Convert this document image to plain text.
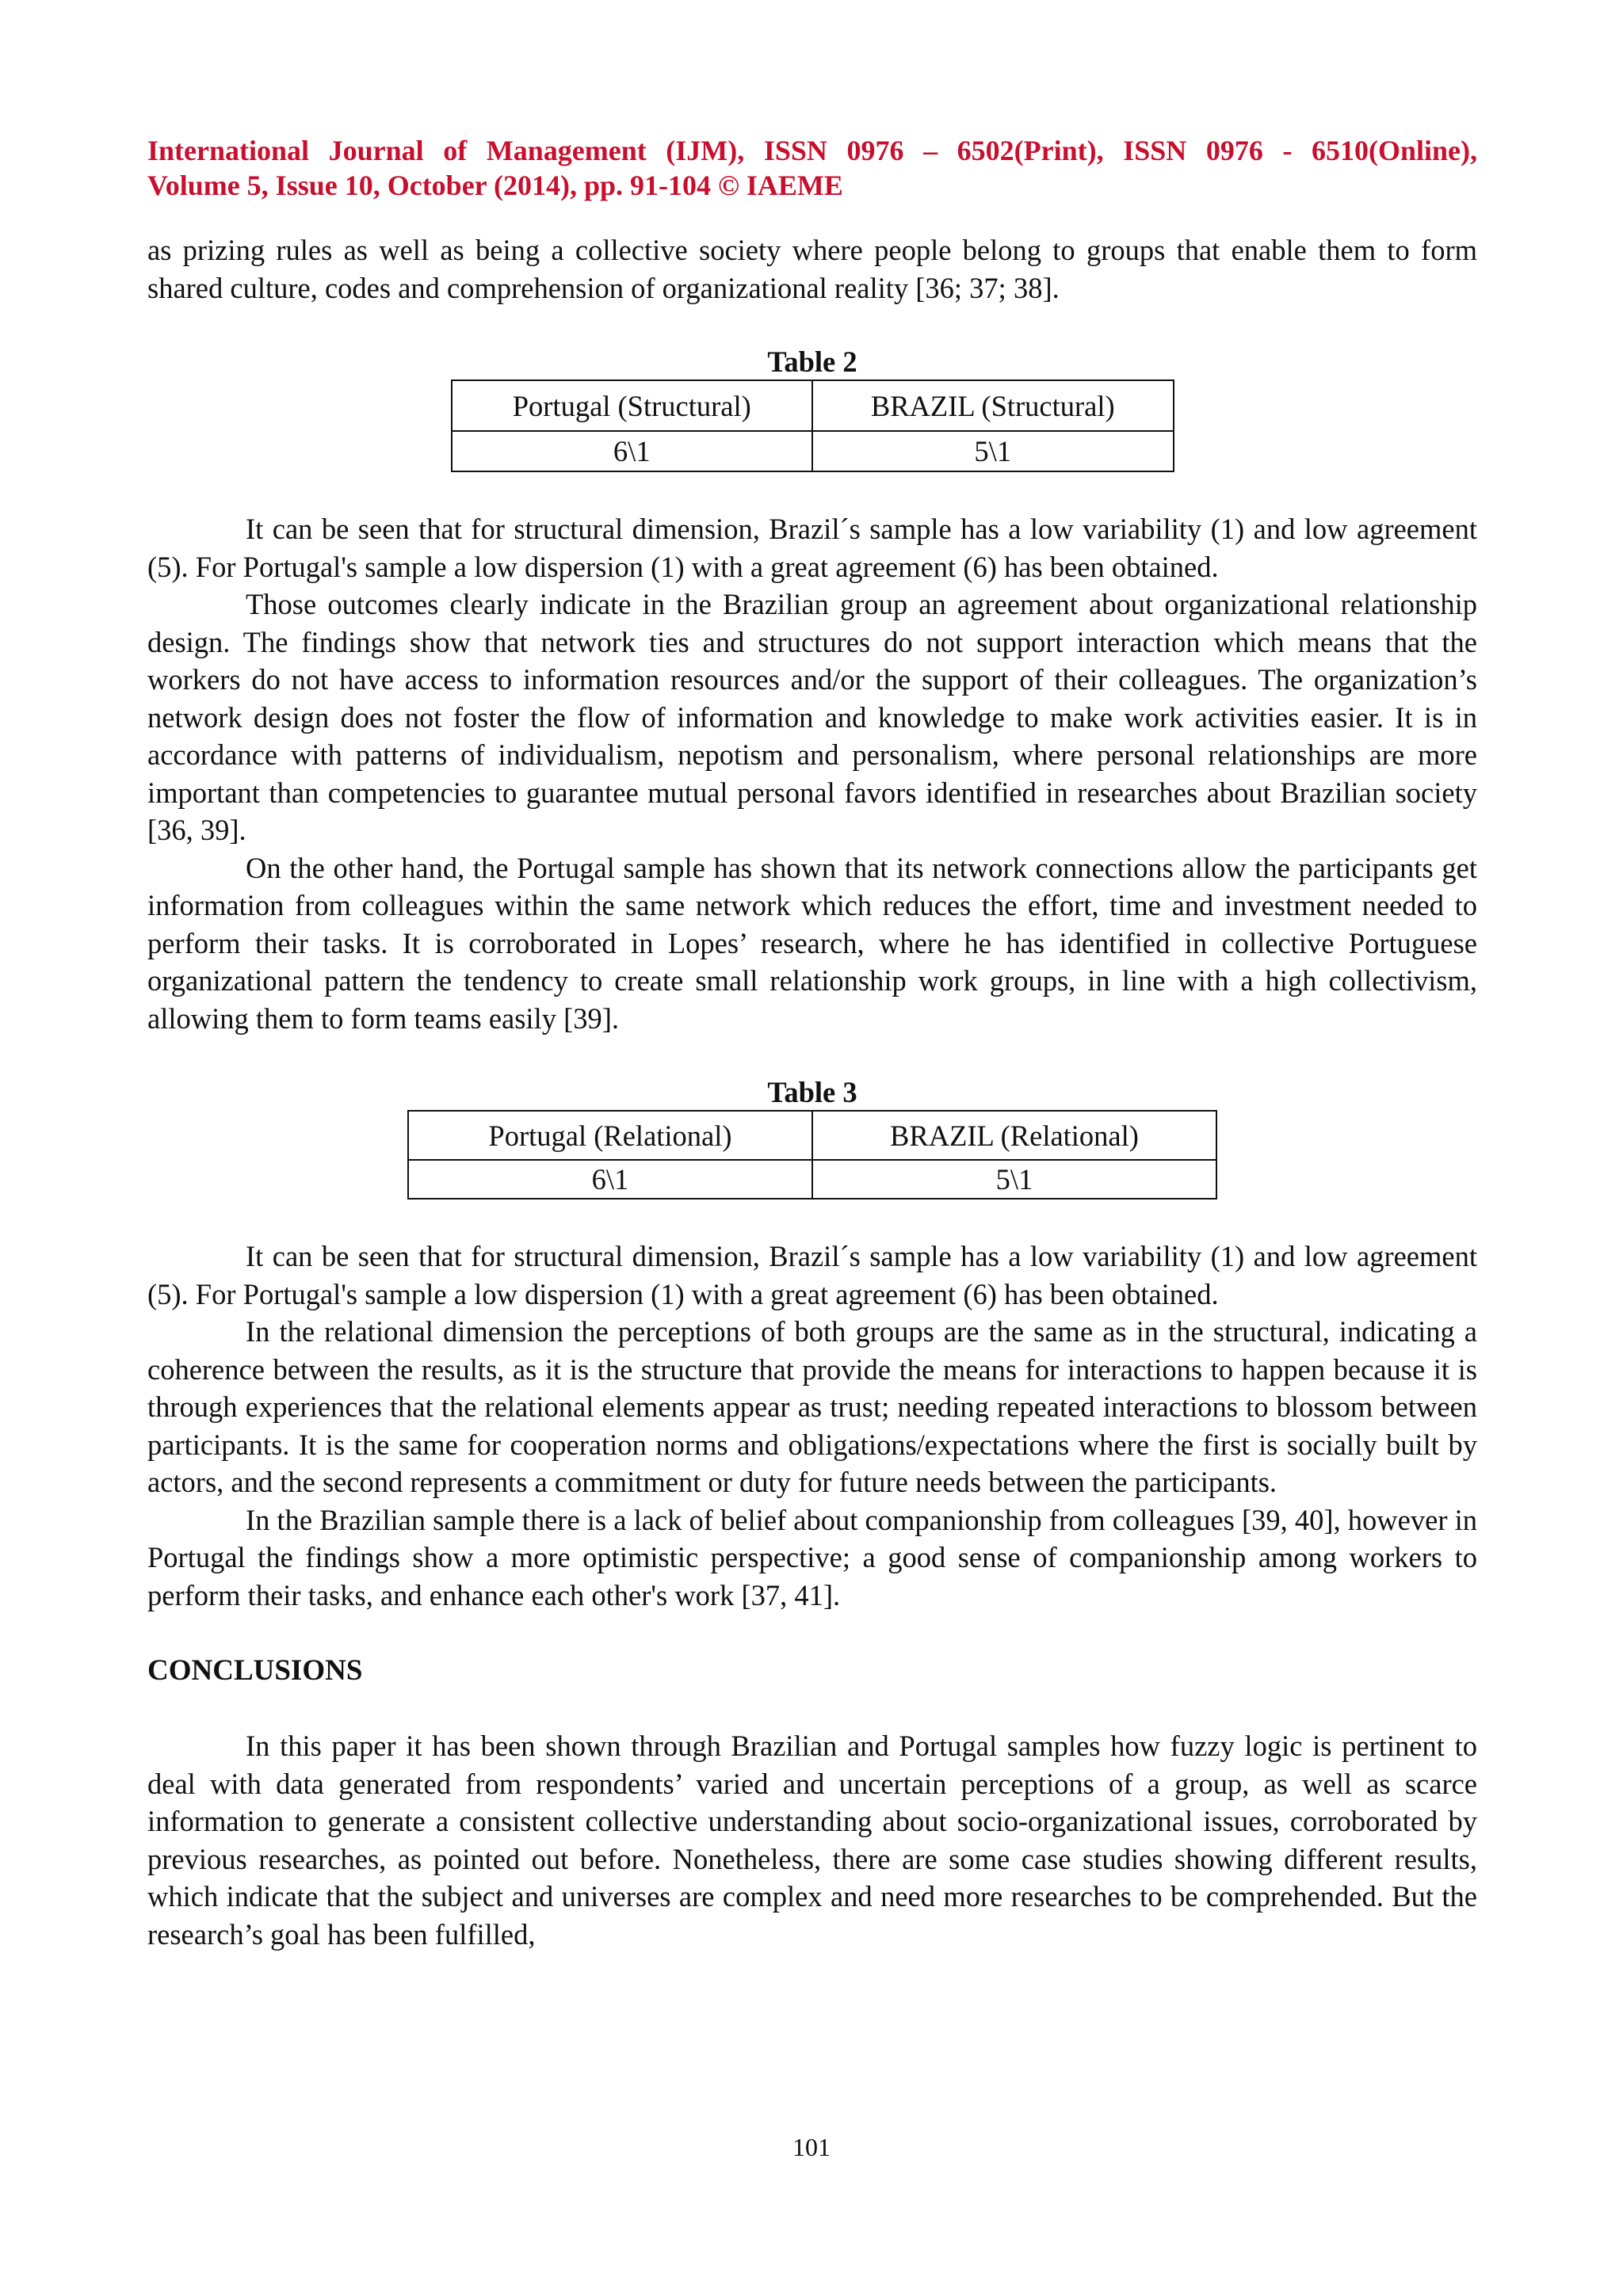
International Journal of Management (IJM), ISSN 0976 – 6502(Print), ISSN 0976 - 6510(Online),
Volume 5, Issue 10, October (2014), pp. 91-104 © IAEME

as prizing rules as well as being a collective society where people belong to groups that enable them to form shared culture, codes and comprehension of organizational reality [36; 37; 38].

Table 2
Portugal (Structural)	BRAZIL (Structural)
6\1	5\1

It can be seen that for structural dimension, Brazil´s sample has a low variability (1) and low agreement (5). For Portugal's sample a low dispersion (1) with a great agreement (6) has been obtained.

Those outcomes clearly indicate in the Brazilian group an agreement about organizational relationship design. The findings show that network ties and structures do not support interaction which means that the workers do not have access to information resources and/or the support of their colleagues. The organization’s network design does not foster the flow of information and knowledge to make work activities easier. It is in accordance with patterns of individualism, nepotism and personalism, where personal relationships are more important than competencies to guarantee mutual personal favors identified in researches about Brazilian society [36, 39].

On the other hand, the Portugal sample has shown that its network connections allow the participants get information from colleagues within the same network which reduces the effort, time and investment needed to perform their tasks. It is corroborated in Lopes’ research, where he has identified in collective Portuguese organizational pattern the tendency to create small relationship work groups, in line with a high collectivism, allowing them to form teams easily [39].

Table 3
Portugal (Relational)	BRAZIL (Relational)
6\1	5\1

It can be seen that for structural dimension, Brazil´s sample has a low variability (1) and low agreement (5). For Portugal's sample a low dispersion (1) with a great agreement (6) has been obtained.

In the relational dimension the perceptions of both groups are the same as in the structural, indicating a coherence between the results, as it is the structure that provide the means for interactions to happen because it is through experiences that the relational elements appear as trust; needing repeated interactions to blossom between participants. It is the same for cooperation norms and obligations/expectations where the first is socially built by actors, and the second represents a commitment or duty for future needs between the participants.

In the Brazilian sample there is a lack of belief about companionship from colleagues [39, 40], however in Portugal the findings show a more optimistic perspective; a good sense of companionship among workers to perform their tasks, and enhance each other's work [37, 41].

CONCLUSIONS

In this paper it has been shown through Brazilian and Portugal samples how fuzzy logic is pertinent to deal with data generated from respondents’ varied and uncertain perceptions of a group, as well as scarce information to generate a consistent collective understanding about socio-organizational issues, corroborated by previous researches, as pointed out before. Nonetheless, there are some case studies showing different results, which indicate that the subject and universes are complex and need more researches to be comprehended. But the research’s goal has been fulfilled,

101
